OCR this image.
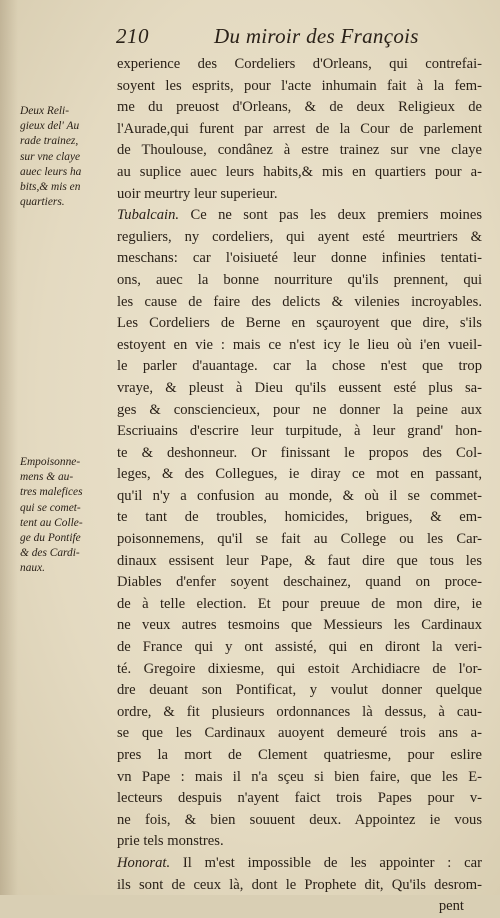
210	Du miroir des François
Deux Reli-
gieux del' Au
rade trainez,
sur vne claye
auec leurs ha
bits,& mis en
quartiers.
Empoisonne-
mens & au-
tres malefices
qui se comet-
tent au Colle-
ge du Pontife
& des Cardi-
naux.
experience des Cordeliers d'Orleans, qui contrefai-
soyent les esprits, pour l'acte inhumain fait à la fem-
me du preuost d'Orleans, & de deux Religieux de
l'Aurade,qui furent par arrest de la Cour de parlement
de Thoulouse, condânez à estre trainez sur vne claye
au suplice auec leurs habits,& mis en quartiers pour a-
uoir meurtry leur superieur.
Tubalcain. Ce ne sont pas les deux premiers moines
reguliers, ny cordeliers, qui ayent esté meurtriers &
meschans: car l'oisiueté leur donne infinies tentati-
ons, auec la bonne nourriture qu'ils prennent, qui
les cause de faire des delicts & vilenies incroyables.
Les Cordeliers de Berne en sçauroyent que dire, s'ils
estoyent en vie : mais ce n'est icy le lieu où i'en vueil-
le parler d'auantage. car la chose n'est que trop
vraye, & pleust à Dieu qu'ils eussent esté plus sa-
ges & consciencieux, pour ne donner la peine aux
Escriuains d'escrire leur turpitude, à leur grand' hon-
te & deshonneur. Or finissant le propos des Col-
leges, & des Collegues, ie diray ce mot en passant,
qu'il n'y a confusion au monde, & où il se commet-
te tant de troubles, homicides, brigues, & em-
poisonnemens, qu'il se fait au College ou les Car-
dinaux essisent leur Pape, & faut dire que tous les
Diables d'enfer soyent deschainez, quand on proce-
de à telle election. Et pour preuue de mon dire, ie
ne veux autres tesmoins que Messieurs les Cardinaux
de France qui y ont assisté, qui en diront la veri-
té. Gregoire dixiesme, qui estoit Archidiacre de l'or-
dre deuant son Pontificat, y voulut donner quelque
ordre, & fit plusieurs ordonnances là dessus, à cau-
se que les Cardinaux auoyent demeuré trois ans a-
pres la mort de Clement quatriesme, pour eslire
vn Pape : mais il n'a sçeu si bien faire, que les E-
lecteurs despuis n'ayent faict trois Papes pour v-
ne fois, & bien souuent deux. Appointez ie vous
prie tels monstres.
Honorat. Il m'est impossible de les appointer : car
ils sont de ceux là, dont le Prophete dit, Qu'ils desrom-
pent
